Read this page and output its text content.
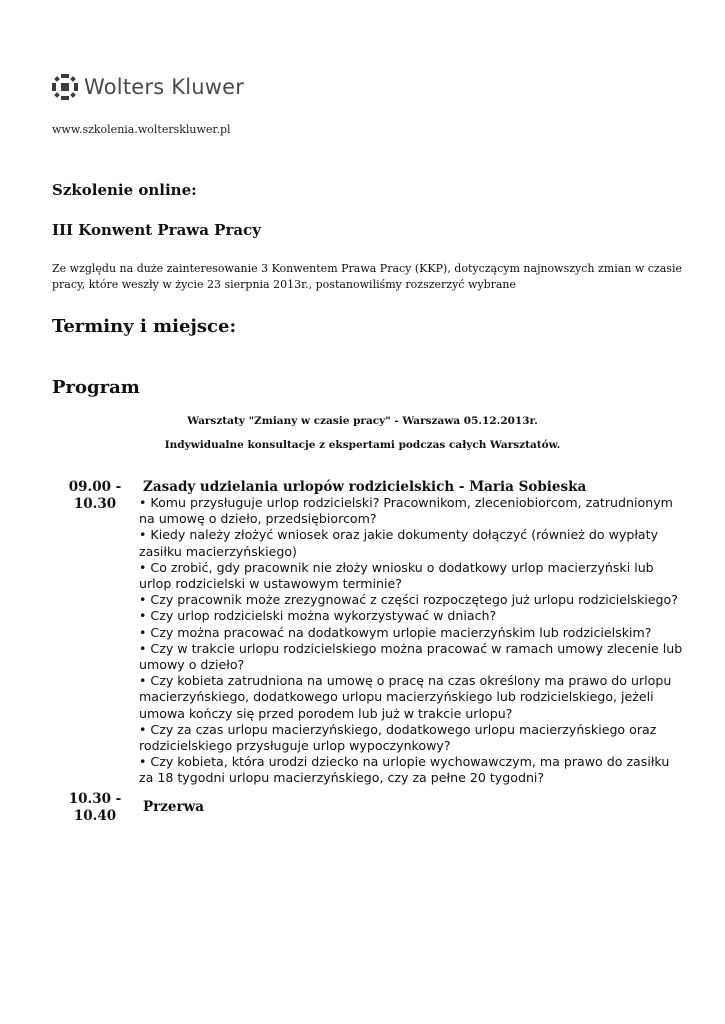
Wolters Kluwer
www.szkolenia.wolterskluwer.pl
Szkolenie online:
III Konwent Prawa Pracy
Ze względu na duże zainteresowanie 3 Konwentem Prawa Pracy (KKP), dotyczącym najnowszych zmian w czasie pracy, które weszły w życie 23 sierpnia 2013r., postanowiliśmy rozszerzyć wybrane
Terminy i miejsce:
Program
Warsztaty "Zmiany w czasie pracy" - Warszawa 05.12.2013r.
Indywidualne konsultacje z ekspertami podczas całych Warsztatów.
09.00 -
10.30
Zasady udzielania urlopów rodzicielskich - Maria Sobieska
• Komu przysługuje urlop rodzicielski? Pracownikom, zleceniobiorcom, zatrudnionym na umowę o dzieło, przedsiębiorcom?
• Kiedy należy złożyć wniosek oraz jakie dokumenty dołączyć (również do wypłaty zasiłku macierzyńskiego)
• Co zrobić, gdy pracownik nie złoży wniosku o dodatkowy urlop macierzyński lub urlop rodzicielski w ustawowym terminie?
• Czy pracownik może zrezygnować z części rozpoczętego już urlopu rodzicielskiego?
• Czy urlop rodzicielski można wykorzystywać w dniach?
• Czy można pracować na dodatkowym urlopie macierzyńskim lub rodzicielskim?
• Czy w trakcie urlopu rodzicielskiego można pracować w ramach umowy zlecenie lub umowy o dzieło?
• Czy kobieta zatrudniona na umowę o pracę na czas określony ma prawo do urlopu macierzyńskiego, dodatkowego urlopu macierzyńskiego lub rodzicielskiego, jeżeli umowa kończy się przed porodem lub już w trakcie urlopu?
• Czy za czas urlopu macierzyńskiego, dodatkowego urlopu macierzyńskiego oraz rodzicielskiego przysługuje urlop wypoczynkowy?
• Czy kobieta, która urodzi dziecko na urlopie wychowawczym, ma prawo do zasiłku za 18 tygodni urlopu macierzyńskiego, czy za pełne 20 tygodni?
10.30 -
10.40
Przerwa
